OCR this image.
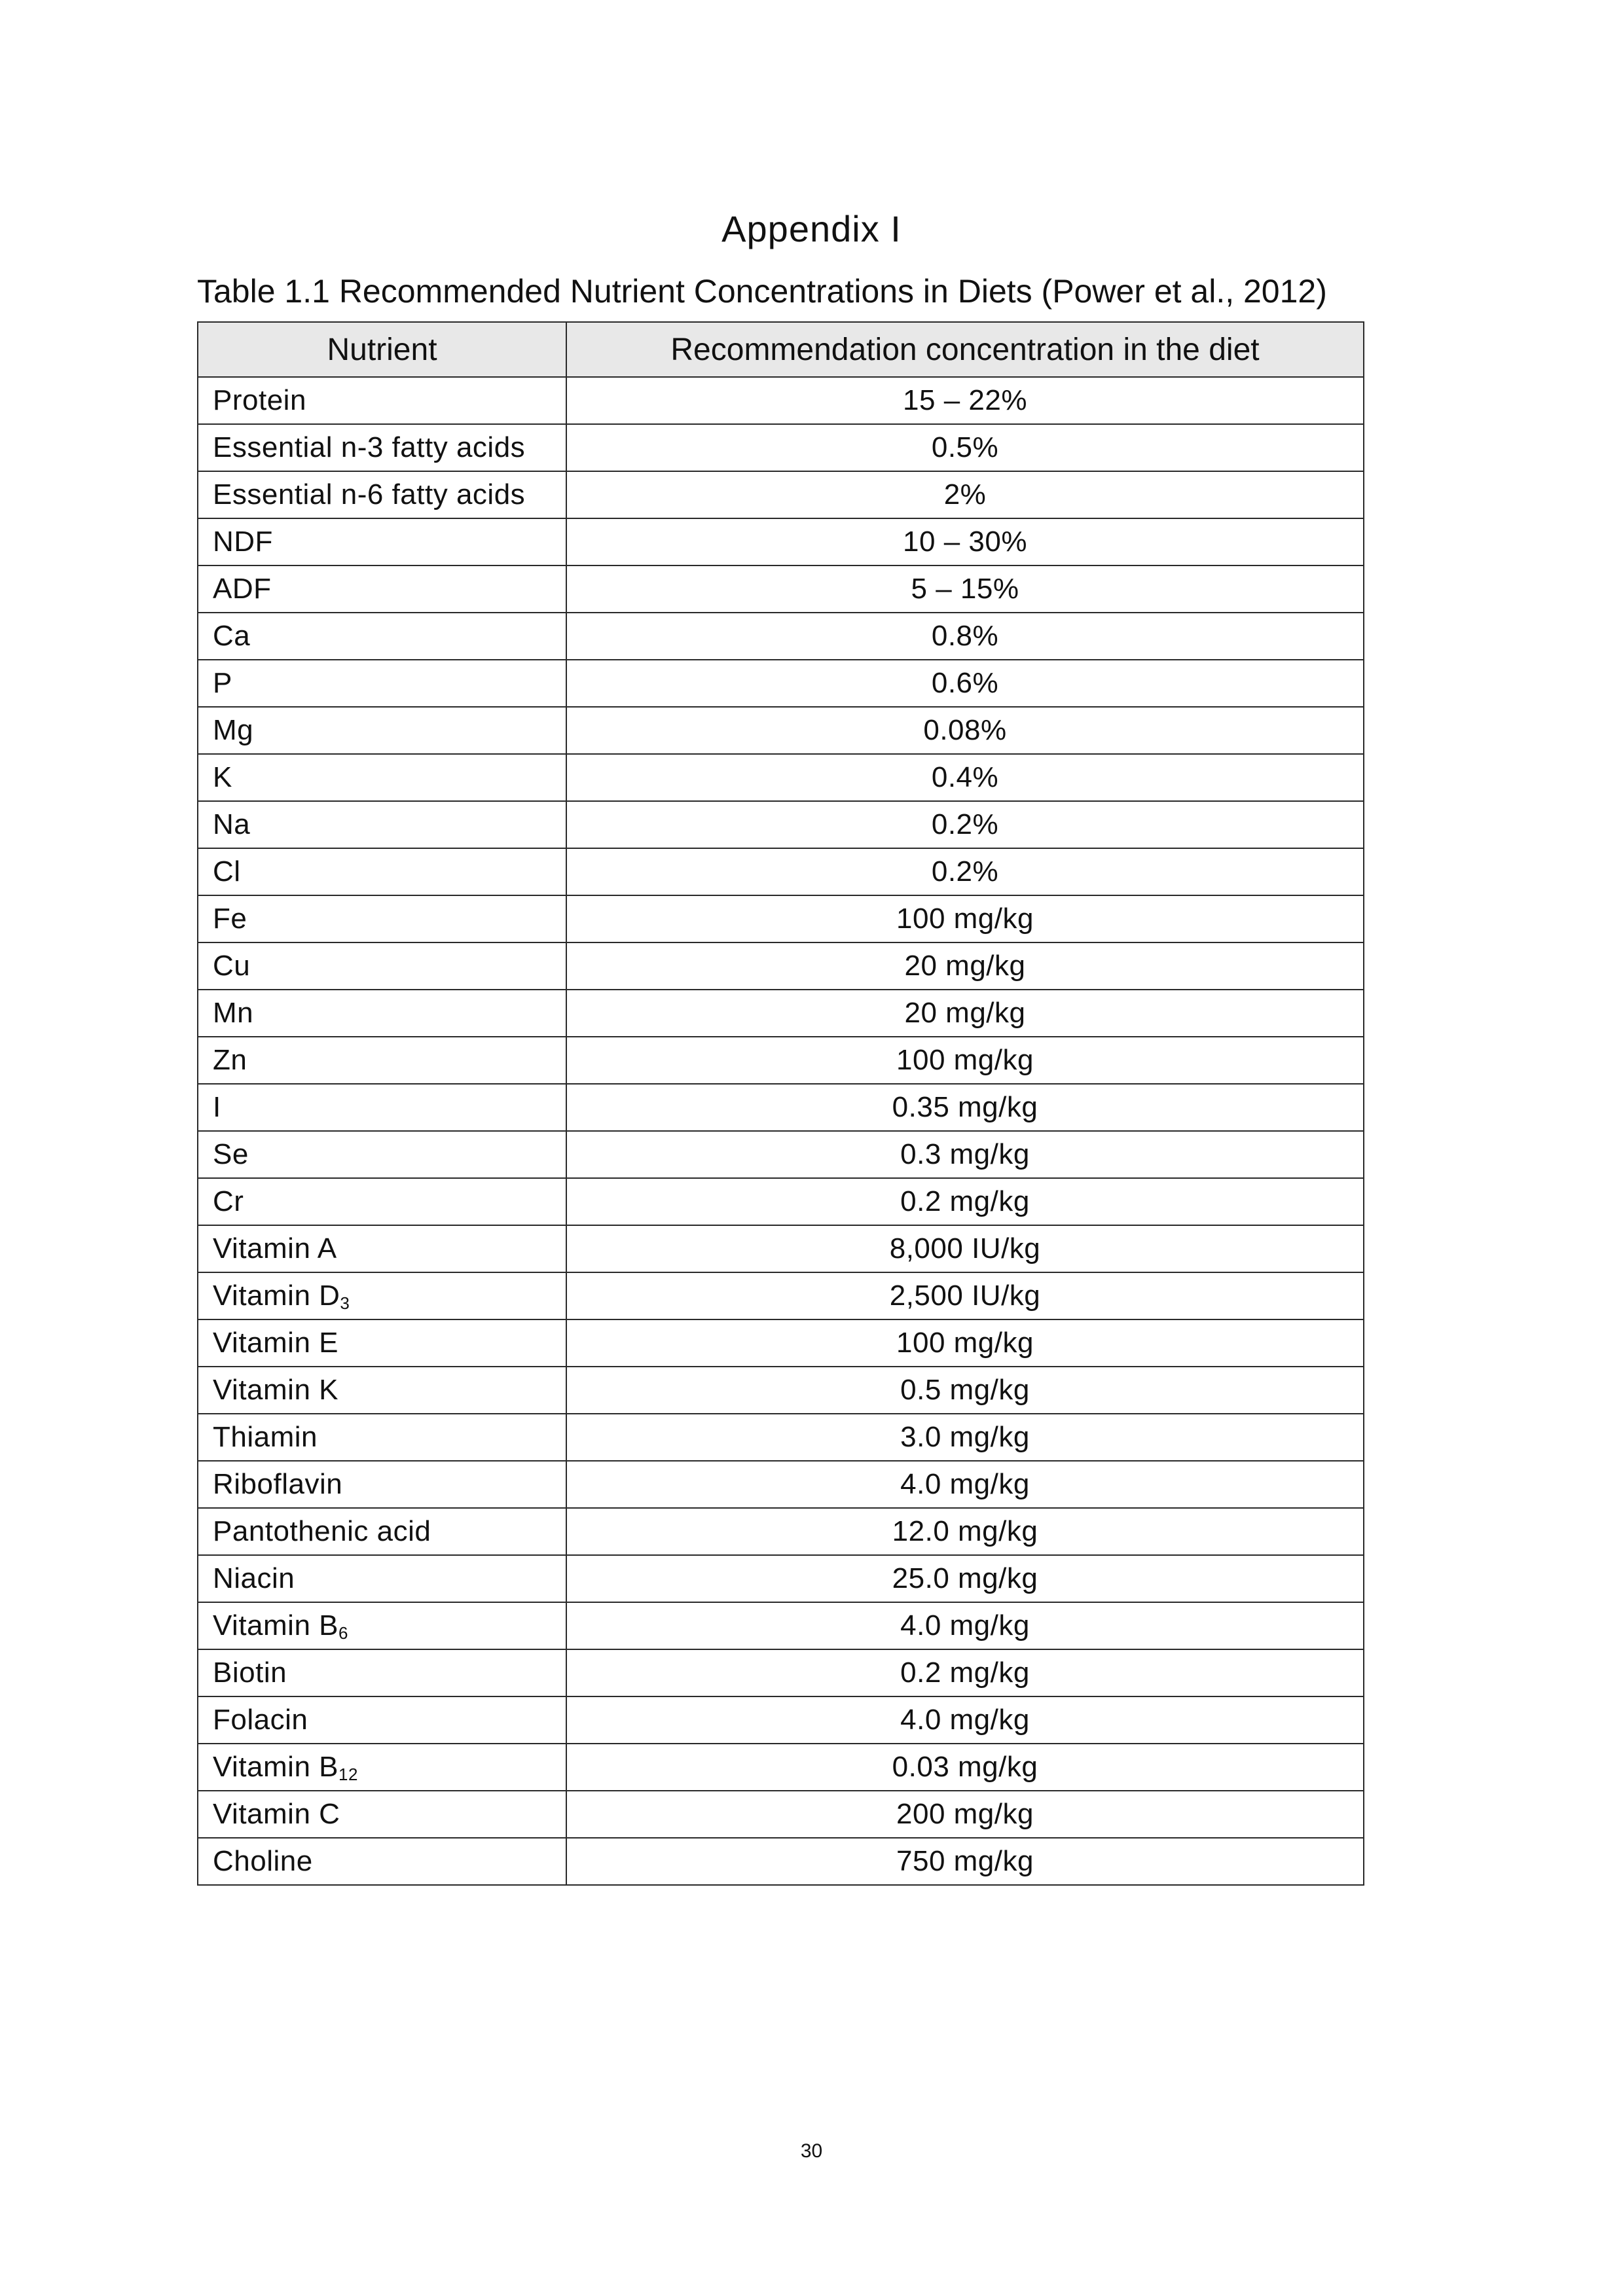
Appendix I
Table 1.1 Recommended Nutrient Concentrations in Diets (Power et al., 2012)
Nutrient	Recommendation concentration in the diet
Protein	15 – 22%
Essential n-3 fatty acids	0.5%
Essential n-6 fatty acids	2%
NDF	10 – 30%
ADF	5 – 15%
Ca	0.8%
P	0.6%
Mg	0.08%
K	0.4%
Na	0.2%
Cl	0.2%
Fe	100 mg/kg
Cu	20 mg/kg
Mn	20 mg/kg
Zn	100 mg/kg
I	0.35 mg/kg
Se	0.3 mg/kg
Cr	0.2 mg/kg
Vitamin A	8,000 IU/kg
Vitamin $D_3$	2,500 IU/kg
Vitamin E	100 mg/kg
Vitamin K	0.5 mg/kg
Thiamin	3.0 mg/kg
Riboflavin	4.0 mg/kg
Pantothenic acid	12.0 mg/kg
Niacin	25.0 mg/kg
Vitamin $B_6$	4.0 mg/kg
Biotin	0.2 mg/kg
Folacin	4.0 mg/kg
Vitamin $B_{12}$	0.03 mg/kg
Vitamin C	200 mg/kg
Choline	750 mg/kg
30
